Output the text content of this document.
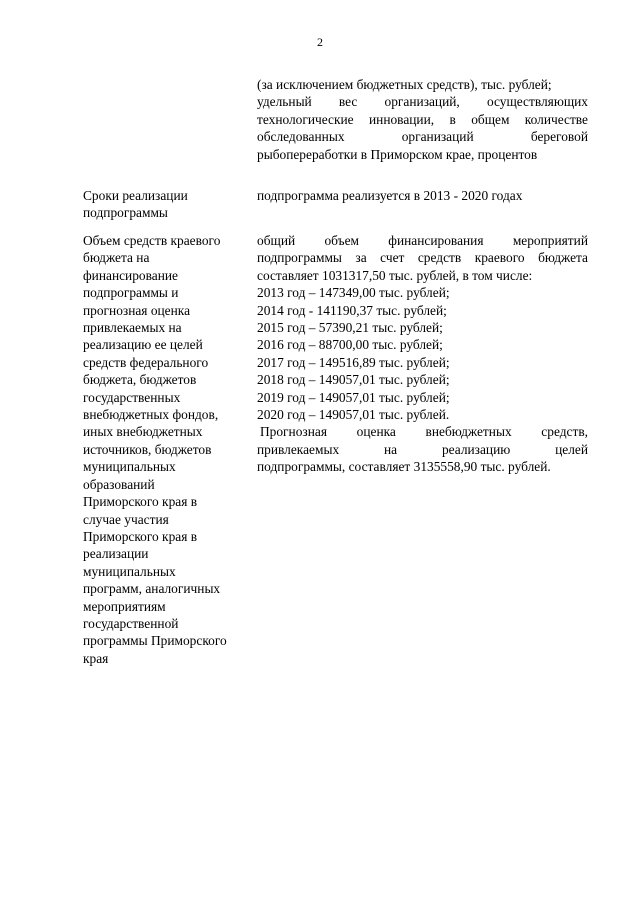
2
(за исключением бюджетных средств), тыс. рублей;
удельный вес организаций, осуществляющих
технологические инновации, в общем количестве
обследованных организаций береговой
рыбопереработки в Приморском крае, процентов
Сроки реализации
подпрограммы
подпрограмма реализуется в 2013 - 2020 годах
Объем средств краевого
бюджета на
финансирование
подпрограммы и
прогнозная оценка
привлекаемых на
реализацию ее целей
средств федерального
бюджета, бюджетов
государственных
внебюджетных фондов,
иных внебюджетных
источников, бюджетов
муниципальных
образований
Приморского края в
случае участия
Приморского края в
реализации
муниципальных
программ, аналогичных
мероприятиям
государственной
программы Приморского
края
общий объем финансирования мероприятий
подпрограммы за счет средств краевого бюджета
составляет 1031317,50 тыс. рублей, в том числе:
2013 год – 147349,00 тыс. рублей;
2014 год - 141190,37 тыс. рублей;
2015 год – 57390,21 тыс. рублей;
2016 год – 88700,00 тыс. рублей;
2017 год – 149516,89 тыс. рублей;
2018 год – 149057,01 тыс. рублей;
2019 год – 149057,01 тыс. рублей;
2020 год – 149057,01 тыс. рублей.
Прогнозная оценка внебюджетных средств,
привлекаемых на реализацию целей
подпрограммы, составляет 3135558,90 тыс. рублей.
